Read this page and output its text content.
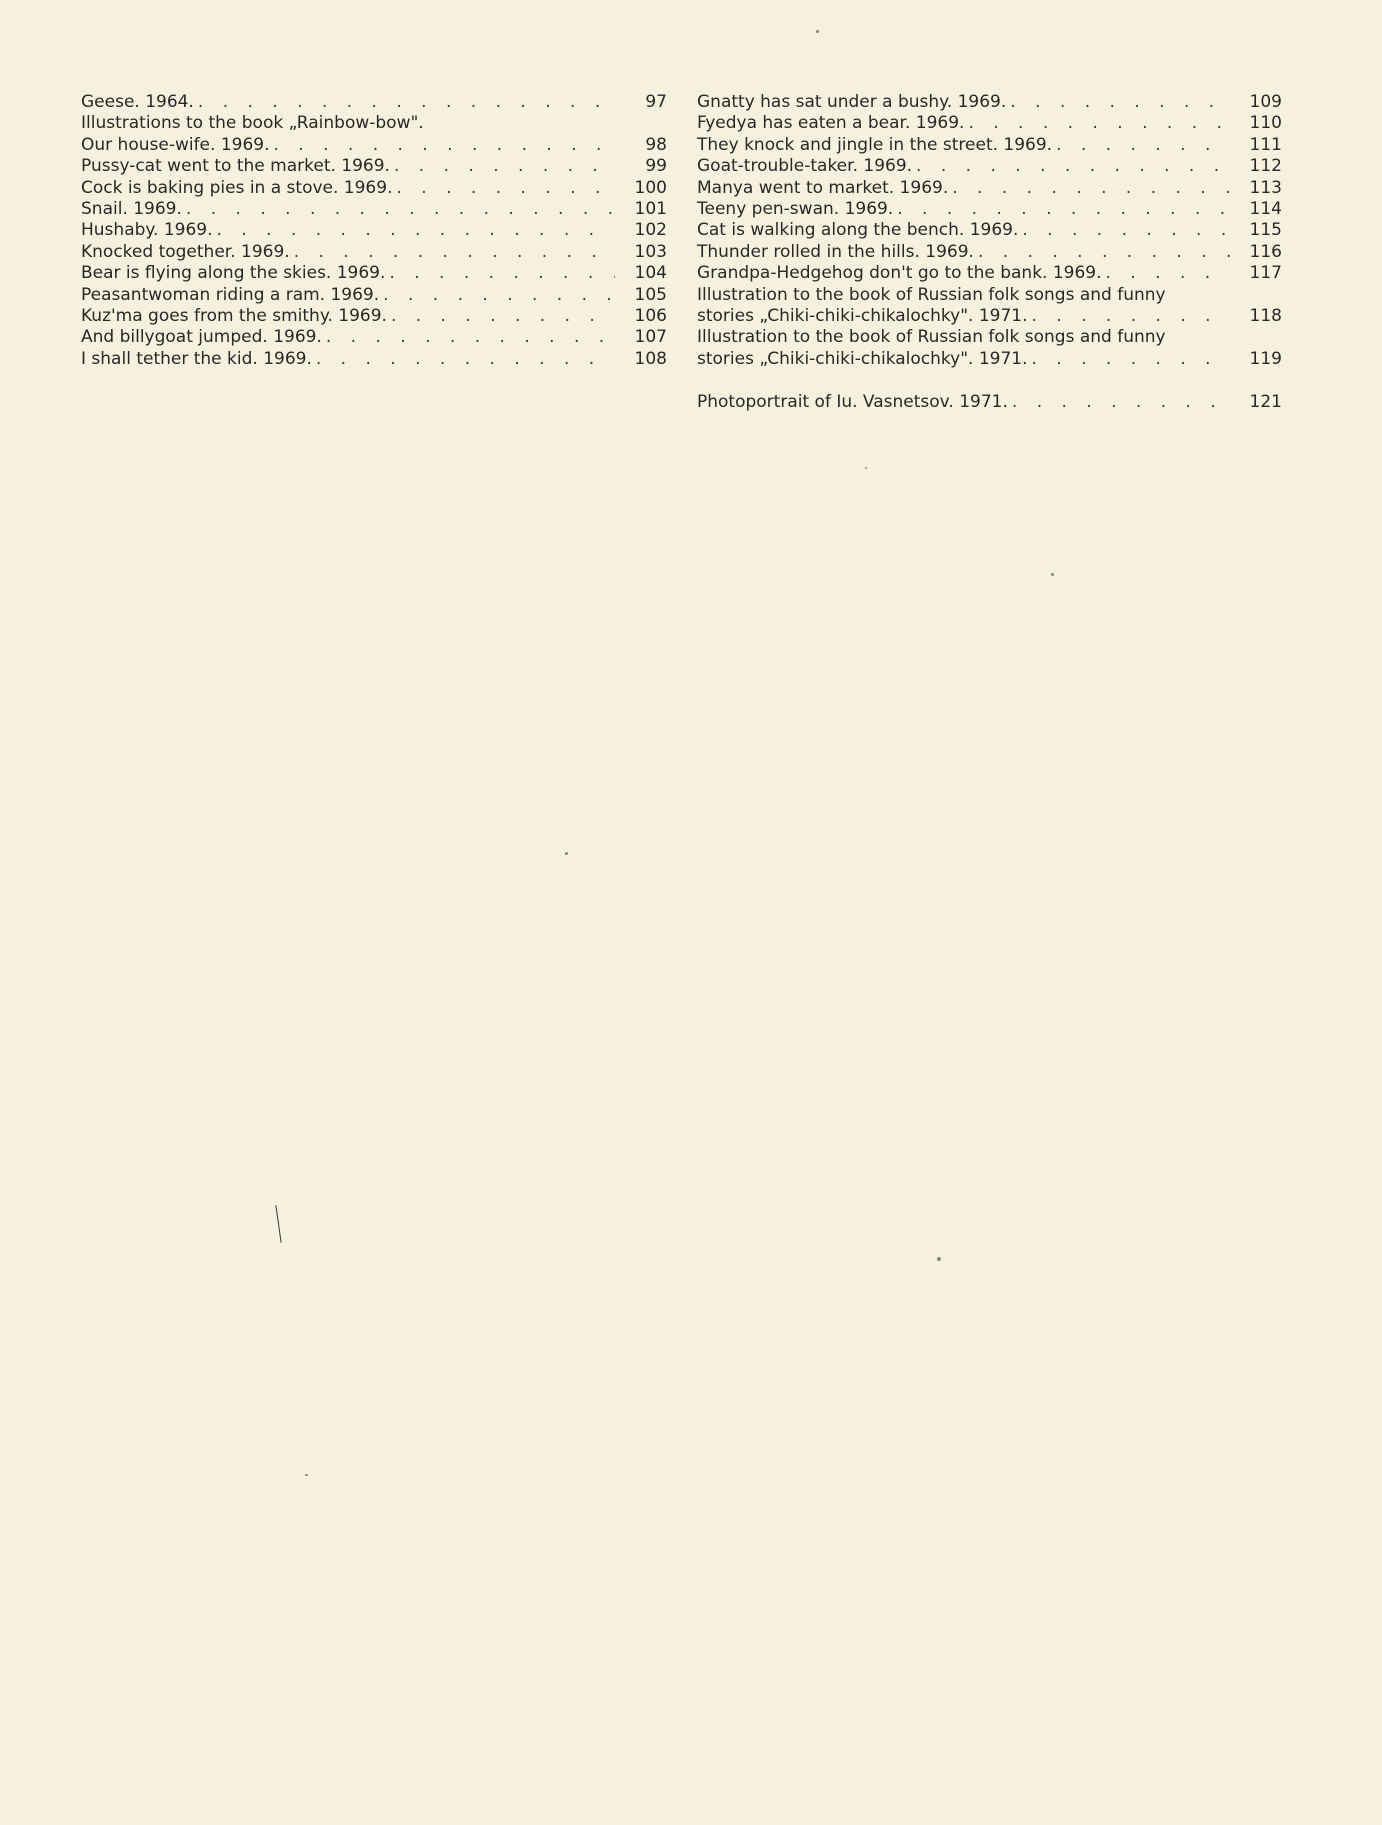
Geese. 1964. . . .	97
Illustrations to the book „Rainbow-bow".
Our house-wife. 1969. . . .	98
Pussy-cat went to the market. 1969. . . .	99
Cock is baking pies in a stove. 1969. . . .	100
Snail. 1969. . . .	101
Hushaby. 1969. . . .	102
Knocked together. 1969. . . .	103
Bear is flying along the skies. 1969. . . .	104
Peasantwoman riding a ram. 1969. . . .	105
Kuz'ma goes from the smithy. 1969. . . .	106
And billygoat jumped. 1969. . . .	107
I shall tether the kid. 1969. . . .	108
Gnatty has sat under a bushy. 1969. . . .	109
Fyedya has eaten a bear. 1969. . . .	110
They knock and jingle in the street. 1969. . . .	111
Goat-trouble-taker. 1969. . . .	112
Manya went to market. 1969. . . .	113
Teeny pen-swan. 1969. . . .	114
Cat is walking along the bench. 1969. . . .	115
Thunder rolled in the hills. 1969. . . .	116
Grandpa-Hedgehog don't go to the bank. 1969. . . .	117
Illustration to the book of Russian folk songs and funny
stories „Chiki-chiki-chikalochky". 1971. . . .	118
Illustration to the book of Russian folk songs and funny
stories „Chiki-chiki-chikalochky". 1971. . . .	119
Photoportrait of Iu. Vasnetsov. 1971. . . .	121
